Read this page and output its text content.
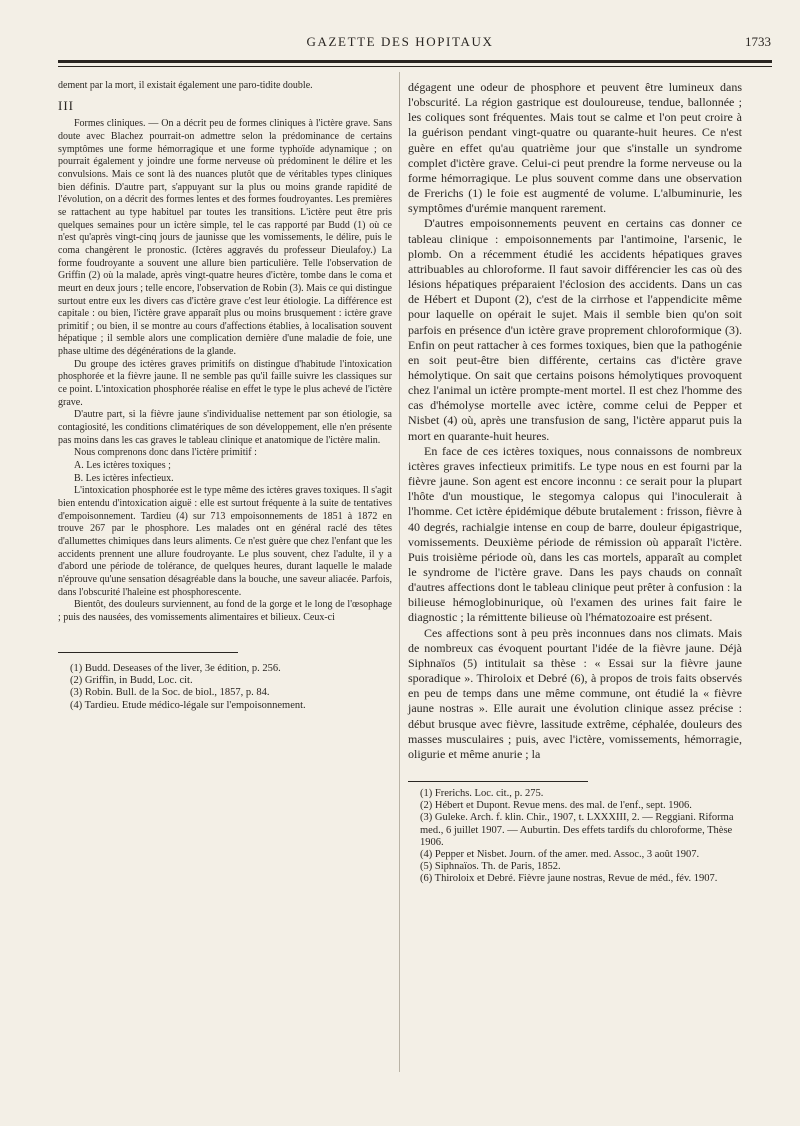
GAZETTE DES HOPITAUX	1733

dement par la mort, il existait également une paro-tidite double.

III

Formes cliniques. — On a décrit peu de formes cliniques à l'ictère grave. Sans doute avec Blachez pourrait-on admettre selon la prédominance de certains symptômes une forme hémorragique et une forme typhoïde adynamique ; on pourrait également y joindre une forme nerveuse où prédominent le délire et les convulsions. Mais ce sont là des nuances plutôt que de véritables types cliniques bien définis. D'autre part, s'appuyant sur la plus ou moins grande rapidité de l'évolution, on a décrit des formes lentes et des formes foudroyantes. Les premières se rattachent au type habituel par toutes les transitions. L'ictère peut être pris quelques semaines pour un ictère simple, tel le cas rapporté par Budd (1) où ce n'est qu'après vingt-cinq jours de jaunisse que les vomissements, le délire, puis le coma changèrent le pronostic. (Ictères aggravés du professeur Dieulafoy.) La forme foudroyante a souvent une allure bien particulière. Telle l'observation de Griffin (2) où la malade, après vingt-quatre heures d'ictère, tombe dans le coma et meurt en deux jours ; telle encore, l'observation de Robin (3). Mais ce qui distingue surtout entre eux les divers cas d'ictère grave c'est leur étiologie. La différence est capitale : ou bien, l'ictère grave apparaît plus ou moins brusquement : ictère grave primitif ; ou bien, il se montre au cours d'affections établies, à localisation souvent hépatique ; il semble alors une complication dernière d'une maladie de foie, une phase ultime des dégénérations de la glande.

Du groupe des ictères graves primitifs on distingue d'habitude l'intoxication phosphorée et la fièvre jaune. Il ne semble pas qu'il faille suivre les classiques sur ce point. L'intoxication phosphorée réalise en effet le type le plus achevé de l'ictère grave.

D'autre part, si la fièvre jaune s'individualise nettement par son étiologie, sa contagiosité, les conditions climatériques de son développement, elle n'en présente pas moins dans les cas graves le tableau clinique et anatomique de l'ictère malin.

Nous comprenons donc dans l'ictère primitif :

A. Les ictères toxiques ;

B. Les ictères infectieux.

L'intoxication phosphorée est le type même des ictères graves toxiques. Il s'agit bien entendu d'intoxication aiguë : elle est surtout fréquente à la suite de tentatives d'empoisonnement. Tardieu (4) sur 713 empoisonnements de 1851 à 1872 en trouve 267 par le phosphore. Les malades ont en général raclé des têtes d'allumettes chimiques dans leurs aliments. Ce n'est guère que chez l'enfant que les accidents prennent une allure foudroyante. Le plus souvent, chez l'adulte, il y a d'abord une période de tolérance, de quelques heures, durant laquelle le malade n'éprouve qu'une sensation désagréable dans la bouche, une saveur aliacée. Parfois, dans l'obscurité l'haleine est phosphorescente.

Bientôt, des douleurs surviennent, au fond de la gorge et le long de l'œsophage ; puis des nausées, des vomissements alimentaires et bilieux. Ceux-ci

(1) Budd. Deseases of the liver, 3e édition, p. 256.
(2) Griffin, in Budd, Loc. cit.
(3) Robin. Bull. de la Soc. de biol., 1857, p. 84.
(4) Tardieu. Etude médico-légale sur l'empoisonnement.

dégagent une odeur de phosphore et peuvent être lumineux dans l'obscurité. La région gastrique est douloureuse, tendue, ballonnée ; les coliques sont fréquentes. Mais tout se calme et l'on peut croire à la guérison pendant vingt-quatre ou quarante-huit heures. Ce n'est guère en effet qu'au quatrième jour que s'installe un syndrome complet d'ictère grave. Celui-ci peut prendre la forme nerveuse ou la forme hémorragique. Le plus souvent comme dans une observation de Frerichs (1) le foie est augmenté de volume. L'albuminurie, les symptômes d'urémie manquent rarement.

D'autres empoisonnements peuvent en certains cas donner ce tableau clinique : empoisonnements par l'antimoine, l'arsenic, le plomb. On a récemment étudié les accidents hépatiques graves attribuables au chloroforme. Il faut savoir différencier les cas où des lésions hépatiques préparaient l'éclosion des accidents. Dans un cas de Hébert et Dupont (2), c'est de la cirrhose et l'appendicite même pour laquelle on opérait le sujet. Mais il semble bien qu'on soit parfois en présence d'un ictère grave proprement chloroformique (3). Enfin on peut rattacher à ces formes toxiques, bien que la pathogénie en soit peut-être bien différente, certains cas d'ictère grave hémolytique. On sait que certains poisons hémolytiques provoquent chez l'animal un ictère prompte-ment mortel. Il est chez l'homme des cas d'hémolyse mortelle avec ictère, comme celui de Pepper et Nisbet (4) où, après une transfusion de sang, l'ictère apparut puis la mort en quarante-huit heures.

En face de ces ictères toxiques, nous connaissons de nombreux ictères graves infectieux primitifs. Le type nous en est fourni par la fièvre jaune. Son agent est encore inconnu : ce serait pour la plupart l'hôte d'un moustique, le stegomya calopus qui l'inoculerait à l'homme. Cet ictère épidémique débute brutalement : frisson, fièvre à 40 degrés, rachialgie intense en coup de barre, douleur épigastrique, vomissements. Deuxième période de rémission où apparaît l'ictère. Puis troisième période où, dans les cas mortels, apparaît au complet le syndrome de l'ictère grave. Dans les pays chauds on connaît d'autres affections dont le tableau clinique peut prêter à confusion : la bilieuse hémoglobinurique, où l'examen des urines fait faire le diagnostic ; la rémittente bilieuse où l'hématozoaire est présent.

Ces affections sont à peu près inconnues dans nos climats. Mais de nombreux cas évoquent pourtant l'idée de la fièvre jaune. Déjà Siphnaïos (5) intitulait sa thèse : « Essai sur la fièvre jaune sporadique ». Thiroloix et Debré (6), à propos de trois faits observés en peu de temps dans une même commune, ont étudié la « fièvre jaune nostras ». Elle aurait une évolution clinique assez précise : début brusque avec fièvre, lassitude extrême, céphalée, douleurs des masses musculaires ; puis, avec l'ictère, vomissements, hémorragie, oligurie et même anurie ; la

(1) Frerichs. Loc. cit., p. 275.
(2) Hébert et Dupont. Revue mens. des mal. de l'enf., sept. 1906.
(3) Guleke. Arch. f. klin. Chir., 1907, t. LXXXIII, 2. — Reggiani. Riforma med., 6 juillet 1907. — Auburtin. Des effets tardifs du chloroforme, Thèse 1906.
(4) Pepper et Nisbet. Journ. of the amer. med. Assoc., 3 août 1907.
(5) Siphnaïos. Th. de Paris, 1852.
(6) Thiroloix et Debré. Fièvre jaune nostras, Revue de méd., fév. 1907.
